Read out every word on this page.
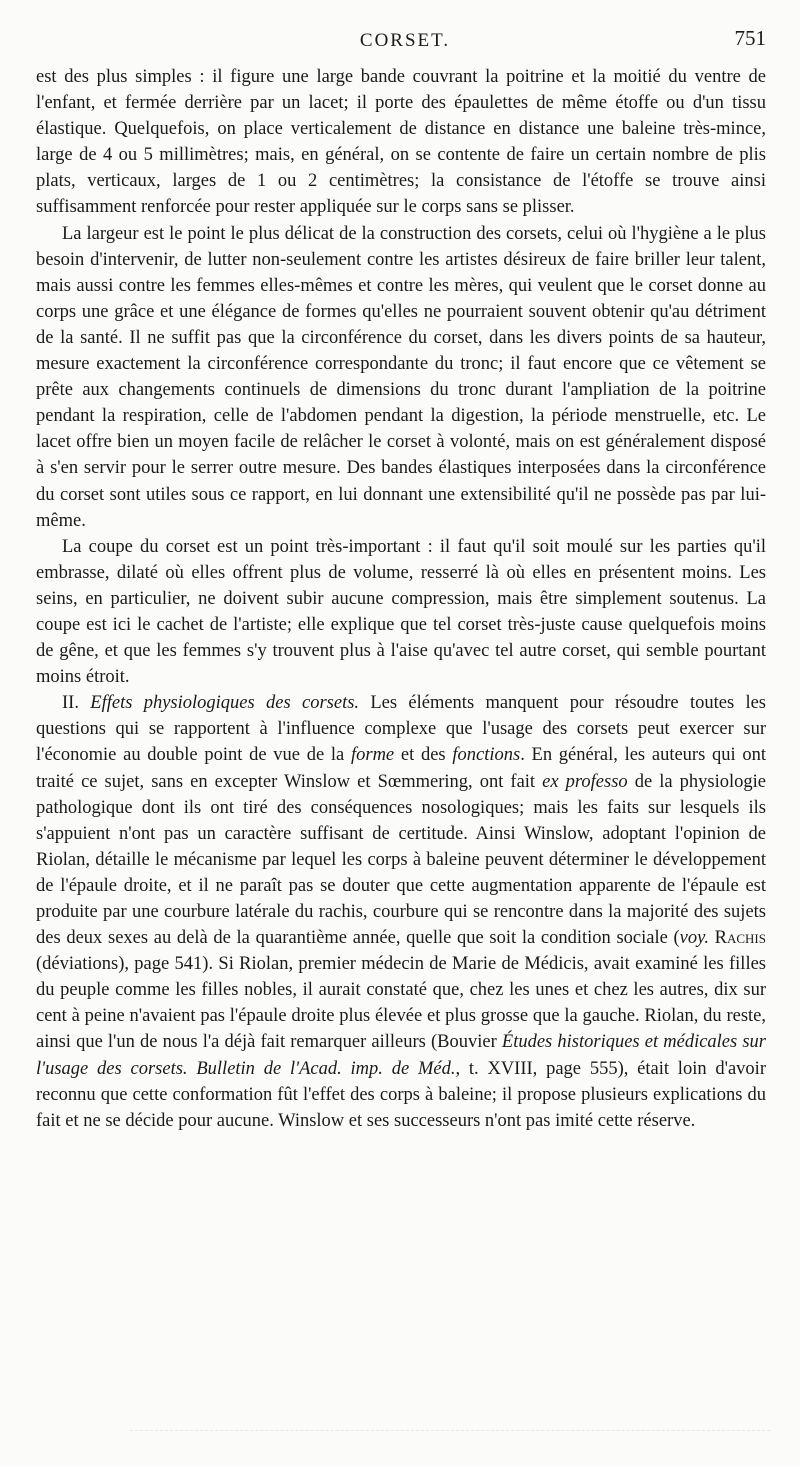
CORSET.	751

est des plus simples : il figure une large bande couvrant la poitrine et la moitié du ventre de l'enfant, et fermée derrière par un lacet; il porte des épaulettes de même étoffe ou d'un tissu élastique. Quelquefois, on place verticalement de distance en distance une baleine très-mince, large de 4 ou 5 millimètres; mais, en général, on se contente de faire un certain nombre de plis plats, verticaux, larges de 1 ou 2 centimètres; la consistance de l'étoffe se trouve ainsi suffisamment renforcée pour rester appliquée sur le corps sans se plisser.

La largeur est le point le plus délicat de la construction des corsets, celui où l'hygiène a le plus besoin d'intervenir, de lutter non-seulement contre les artistes désireux de faire briller leur talent, mais aussi contre les femmes elles-mêmes et contre les mères, qui veulent que le corset donne au corps une grâce et une élégance de formes qu'elles ne pourraient souvent obtenir qu'au détriment de la santé. Il ne suffit pas que la circonférence du corset, dans les divers points de sa hauteur, mesure exactement la circonférence correspondante du tronc; il faut encore que ce vêtement se prête aux changements continuels de dimensions du tronc durant l'ampliation de la poitrine pendant la respiration, celle de l'abdomen pendant la digestion, la période menstruelle, etc. Le lacet offre bien un moyen facile de relâcher le corset à volonté, mais on est généralement disposé à s'en servir pour le serrer outre mesure. Des bandes élastiques interposées dans la circonférence du corset sont utiles sous ce rapport, en lui donnant une extensibilité qu'il ne possède pas par lui-même.

La coupe du corset est un point très-important : il faut qu'il soit moulé sur les parties qu'il embrasse, dilaté où elles offrent plus de volume, resserré là où elles en présentent moins. Les seins, en particulier, ne doivent subir aucune compression, mais être simplement soutenus. La coupe est ici le cachet de l'artiste; elle explique que tel corset très-juste cause quelquefois moins de gêne, et que les femmes s'y trouvent plus à l'aise qu'avec tel autre corset, qui semble pourtant moins étroit.

II. Effets physiologiques des corsets. Les éléments manquent pour résoudre toutes les questions qui se rapportent à l'influence complexe que l'usage des corsets peut exercer sur l'économie au double point de vue de la forme et des fonctions. En général, les auteurs qui ont traité ce sujet, sans en excepter Winslow et Sœmmering, ont fait ex professo de la physiologie pathologique dont ils ont tiré des conséquences nosologiques; mais les faits sur lesquels ils s'appuient n'ont pas un caractère suffisant de certitude. Ainsi Winslow, adoptant l'opinion de Riolan, détaille le mécanisme par lequel les corps à baleine peuvent déterminer le développement de l'épaule droite, et il ne paraît pas se douter que cette augmentation apparente de l'épaule est produite par une courbure latérale du rachis, courbure qui se rencontre dans la majorité des sujets des deux sexes au delà de la quarantième année, quelle que soit la condition sociale (voy. Rachis (déviations), page 541). Si Riolan, premier médecin de Marie de Médicis, avait examiné les filles du peuple comme les filles nobles, il aurait constaté que, chez les unes et chez les autres, dix sur cent à peine n'avaient pas l'épaule droite plus élevée et plus grosse que la gauche. Riolan, du reste, ainsi que l'un de nous l'a déjà fait remarquer ailleurs (Bouvier Études historiques et médicales sur l'usage des corsets. Bulletin de l'Acad. imp. de Méd., t. XVIII, page 555), était loin d'avoir reconnu que cette conformation fût l'effet des corps à baleine; il propose plusieurs explications du fait et ne se décide pour aucune. Winslow et ses successeurs n'ont pas imité cette réserve.
